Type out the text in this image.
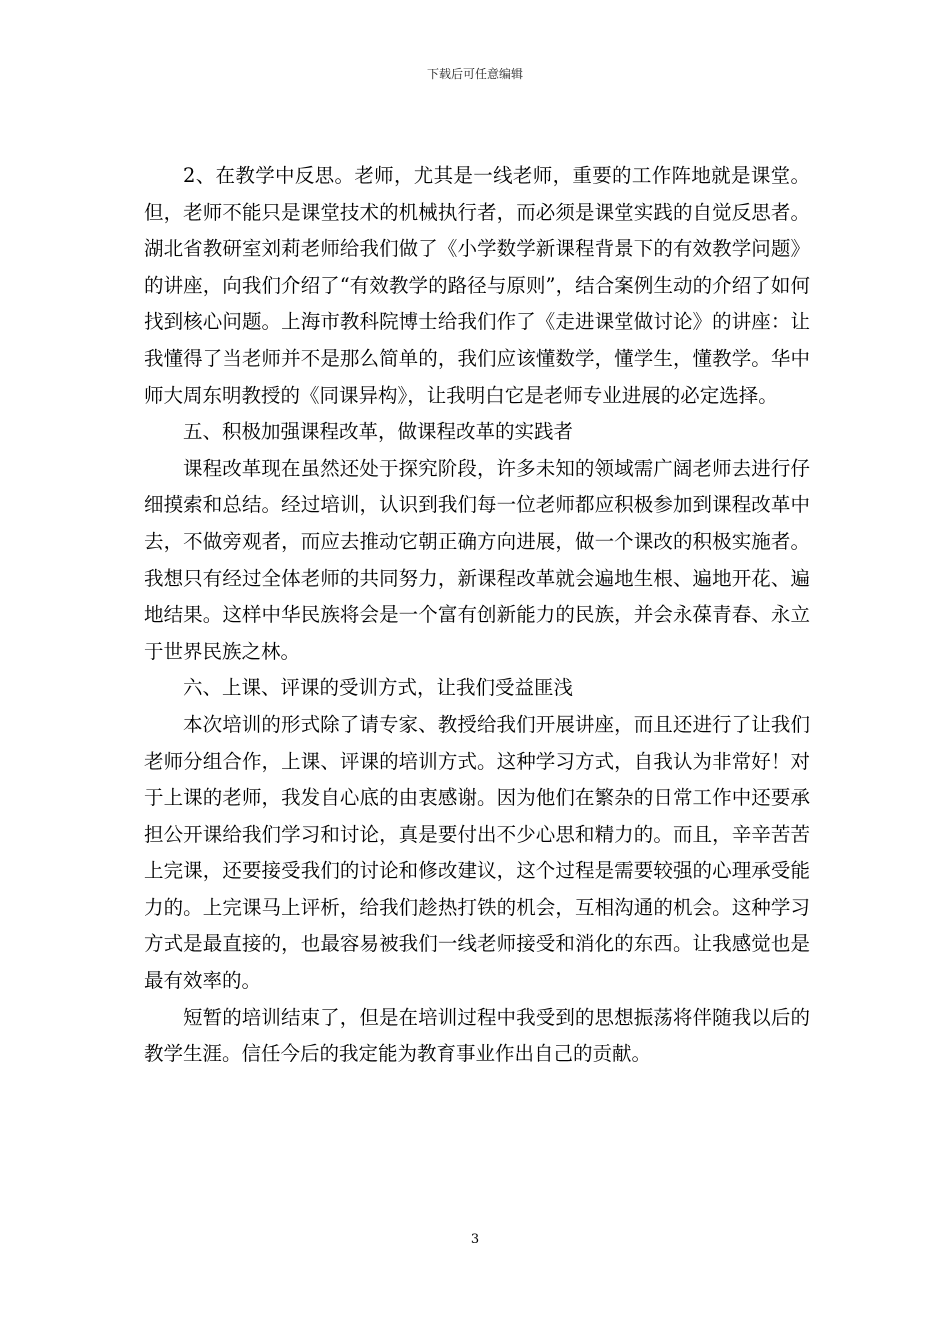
下载后可任意编辑

2、在教学中反思。老师，尤其是一线老师，重要的工作阵地就是课堂。但，老师不能只是课堂技术的机械执行者，而必须是课堂实践的自觉反思者。湖北省教研室刘莉老师给我们做了《小学数学新课程背景下的有效教学问题》的讲座，向我们介绍了“有效教学的路径与原则”，结合案例生动的介绍了如何找到核心问题。上海市教科院博士给我们作了《走进课堂做讨论》的讲座：让我懂得了当老师并不是那么简单的，我们应该懂数学，懂学生，懂教学。华中师大周东明教授的《同课异构》，让我明白它是老师专业进展的必定选择。

五、积极加强课程改革，做课程改革的实践者

课程改革现在虽然还处于探究阶段，许多未知的领域需广阔老师去进行仔细摸索和总结。经过培训，认识到我们每一位老师都应积极参加到课程改革中去，不做旁观者，而应去推动它朝正确方向进展，做一个课改的积极实施者。我想只有经过全体老师的共同努力，新课程改革就会遍地生根、遍地开花、遍地结果。这样中华民族将会是一个富有创新能力的民族，并会永葆青春、永立于世界民族之林。

六、上课、评课的受训方式，让我们受益匪浅

本次培训的形式除了请专家、教授给我们开展讲座，而且还进行了让我们老师分组合作，上课、评课的培训方式。这种学习方式，自我认为非常好！对于上课的老师，我发自心底的由衷感谢。因为他们在繁杂的日常工作中还要承担公开课给我们学习和讨论，真是要付出不少心思和精力的。而且，辛辛苦苦上完课，还要接受我们的讨论和修改建议，这个过程是需要较强的心理承受能力的。上完课马上评析，给我们趁热打铁的机会，互相沟通的机会。这种学习方式是最直接的，也最容易被我们一线老师接受和消化的东西。让我感觉也是最有效率的。

短暂的培训结束了，但是在培训过程中我受到的思想振荡将伴随我以后的教学生涯。信任今后的我定能为教育事业作出自己的贡献。

3
